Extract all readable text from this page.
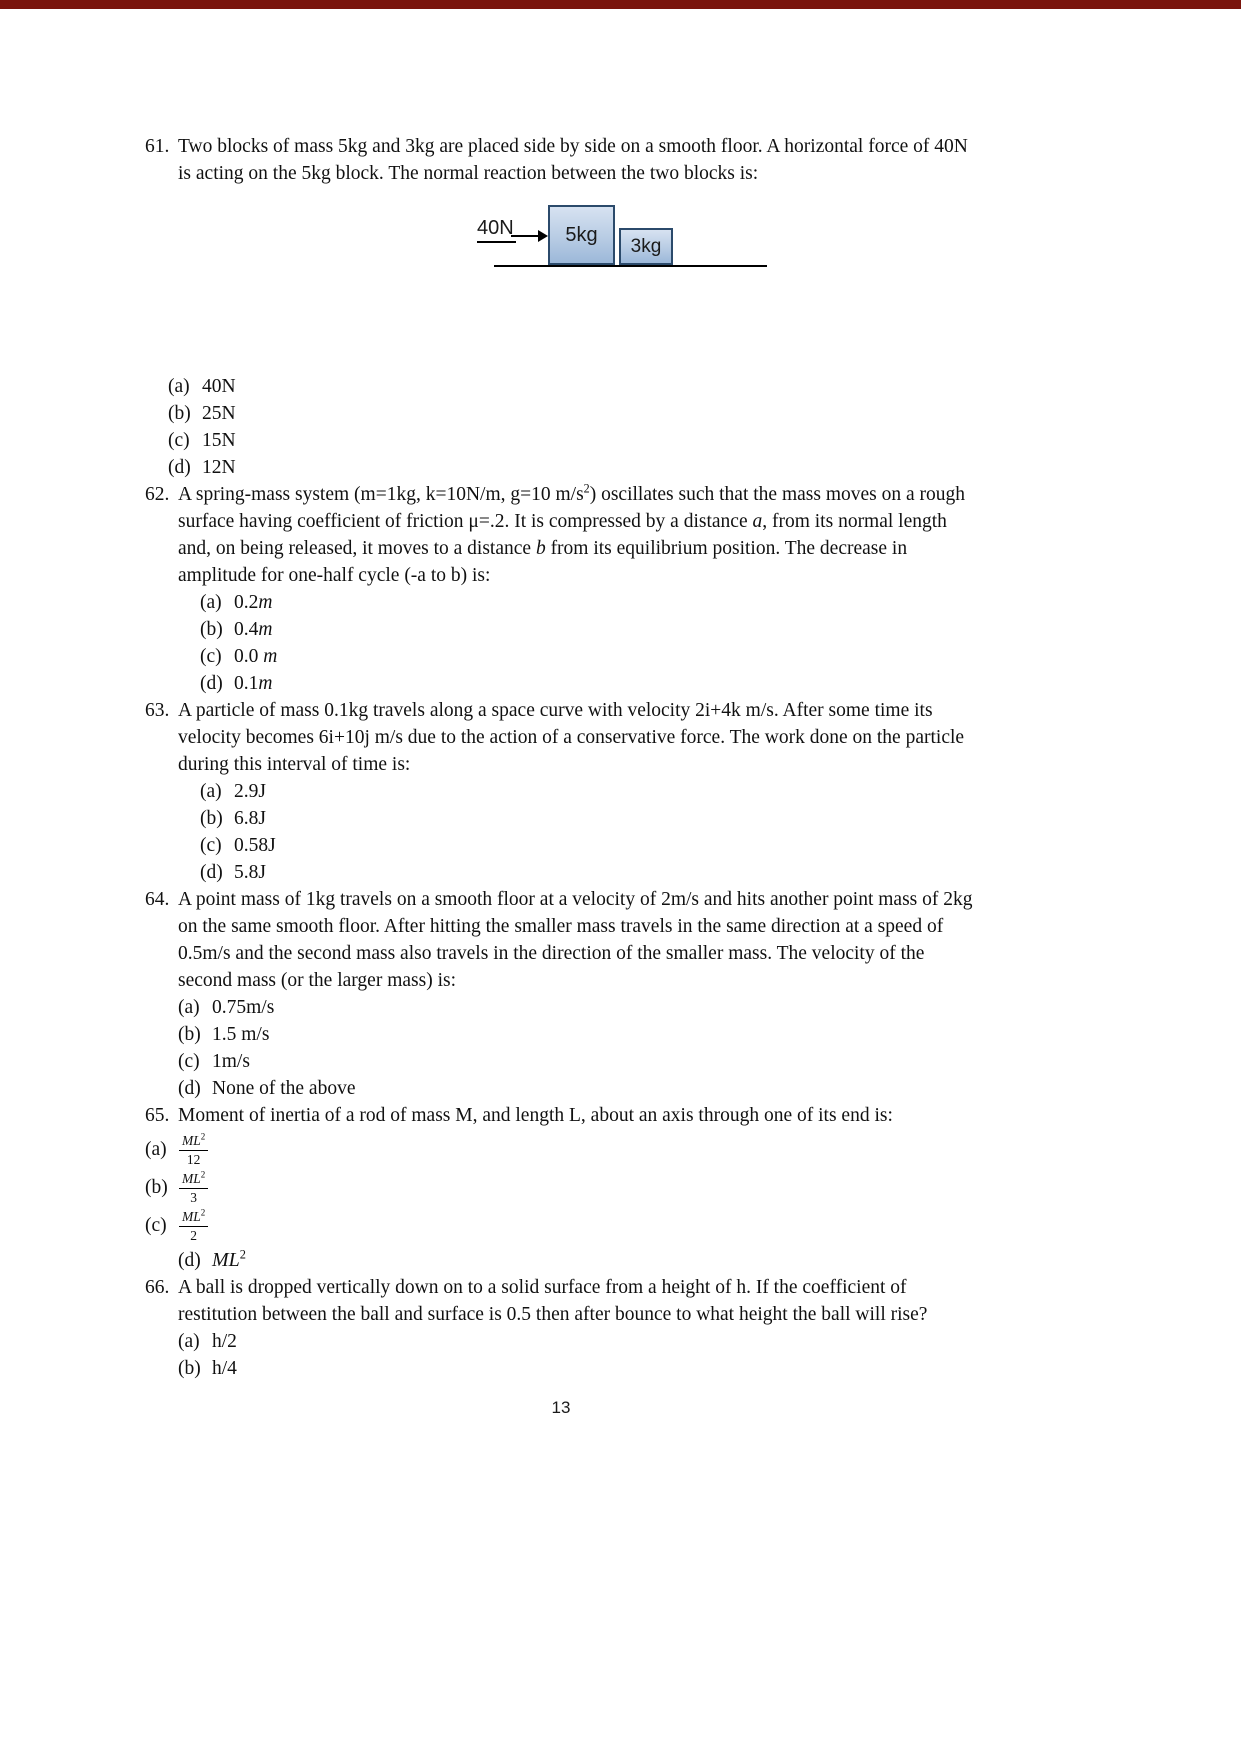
61. Two blocks of mass 5kg and 3kg are placed side by side on a smooth floor. A horizontal force of 40N is acting on the 5kg block. The normal reaction between the two blocks is:

40N	5kg
3kg
(a) 40N
(b) 25N
(c) 15N
(d) 12N
62. A spring-mass system (m=1kg, k=10N/m, g=10 $m/s^2$) oscillates such that the mass moves on a rough surface having coefficient of friction μ=.2. It is compressed by a distance a, from its normal length and, on being released, it moves to a distance b from its equilibrium position. The decrease in amplitude for one-half cycle (-a to b) is:

(a) 0.2m
(b) 0.4m
(c) 0.0 m
(d) 0.1m
63. A particle of mass 0.1kg travels along a space curve with velocity 2i+4k m/s. After some time its velocity becomes 6i+10j m/s due to the action of a conservative force. The work done on the particle during this interval of time is:

(a) 2.9J
(b) 6.8J
(c) 0.58J
(d) 5.8J
64. A point mass of 1kg travels on a smooth floor at a velocity of 2m/s and hits another point mass of 2kg on the same smooth floor. After hitting the smaller mass travels in the same direction at a speed of 0.5m/s and the second mass also travels in the direction of the smaller mass. The velocity of the second mass (or the larger mass) is:

(a) 0.75m/s
(b) 1.5 m/s
(c) 1m/s
(d) None of the above
65. Moment of inertia of a rod of mass M, and length L, about an axis through one of its end is:

$(a) \frac{ML^2}{12}$
$(b) \frac{ML^2}{3}$
$(c) \frac{ML^2}{2}$
(d) $ML^2$
66. A ball is dropped vertically down on to a solid surface from a height of h. If the coefficient of restitution between the ball and surface is 0.5 then after bounce to what height the ball will rise?

(a) h/2
(b) h/4
13
